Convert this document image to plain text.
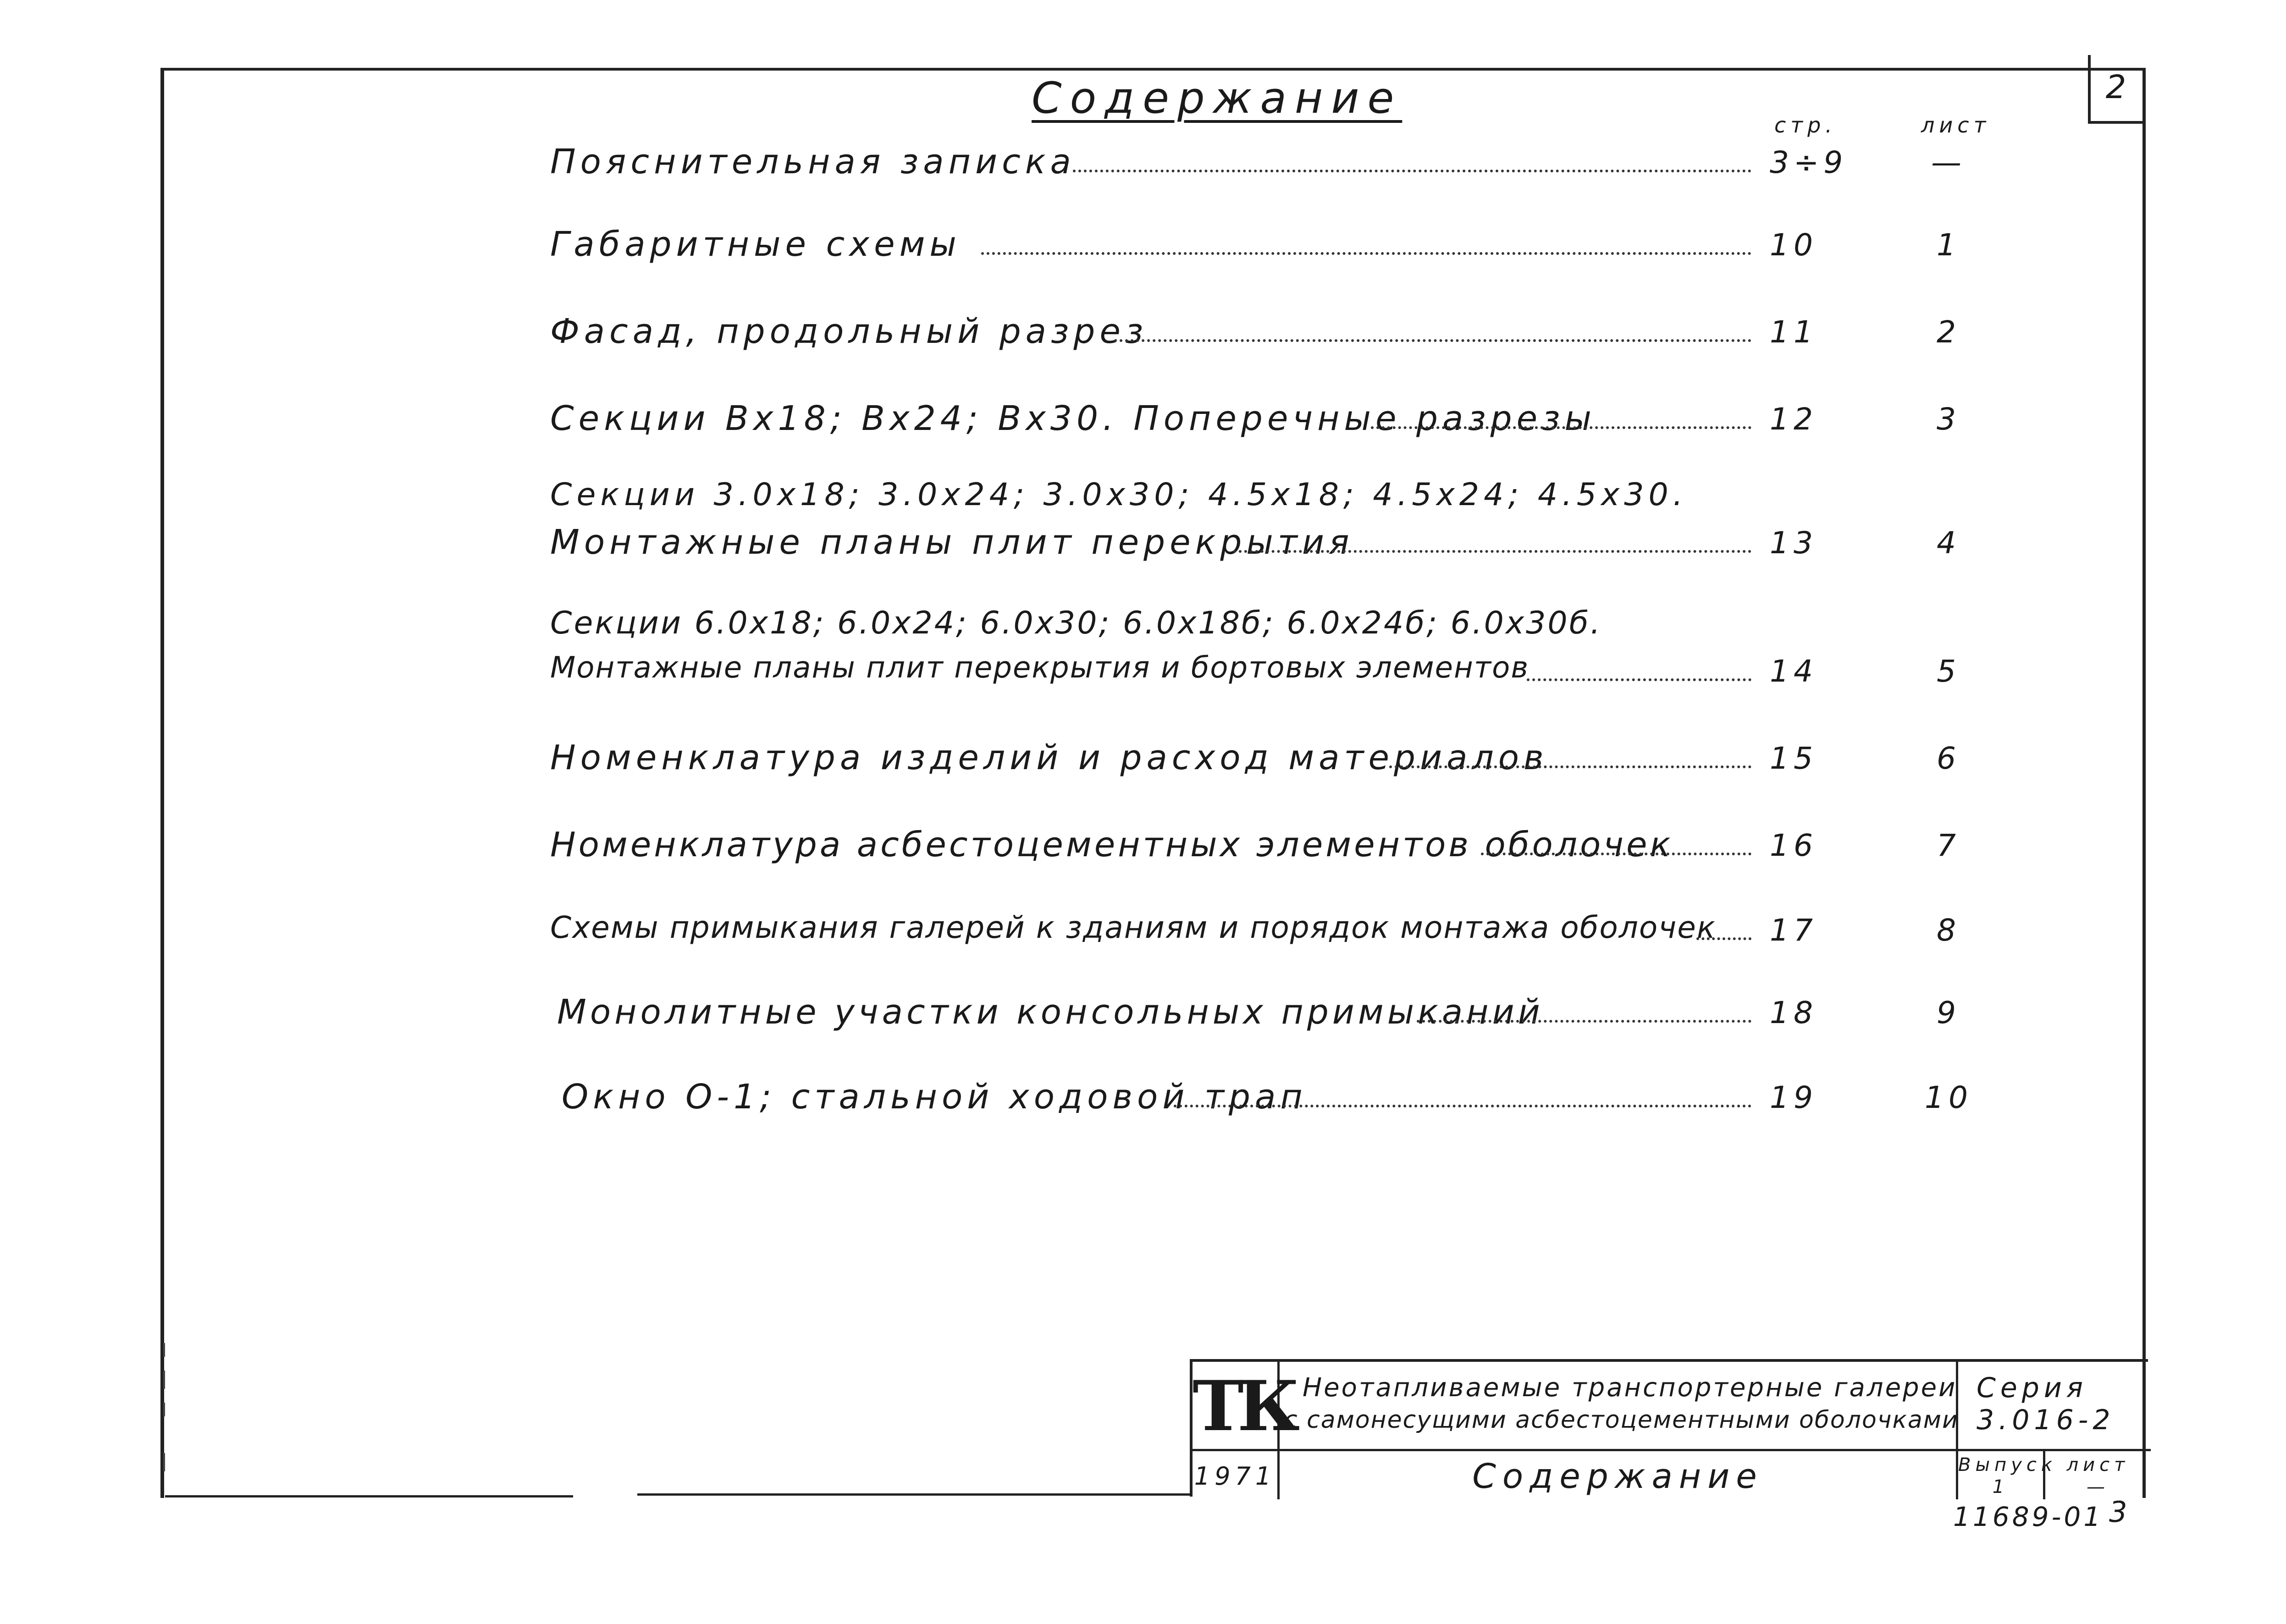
2
Содержание
стр.	лист
Пояснительная записка	3÷9	—
Габаритные схемы	10	1
Фасад, продольный разрез	11	2
Секции Вх18; Вх24; Вх30. Поперечные разрезы	12	3
Секции 3.0х18; 3.0х24; 3.0х30; 4.5х18; 4.5х24; 4.5х30.
Монтажные планы плит перекрытия	13	4
Секции 6.0х18; 6.0х24; 6.0х30; 6.0х18б; 6.0х24б; 6.0х30б.
Монтажные планы плит перекрытия и бортовых элементов	14	5
Номенклатура изделий и расход материалов	15	6
Номенклатура асбестоцементных элементов оболочек	16	7
Схемы примыкания галерей к зданиям и порядок монтажа оболочек	17	8
Монолитные участки консольных примыканий	18	9
Окно О-1; стальной ходовой трап	19	10
ТК
1971
Неотапливаемые транспортерные галереи
с самонесущими асбестоцементными оболочками
Содержание
Серия
3.016-2
Выпуск
1
лист
—
11689-01 3
